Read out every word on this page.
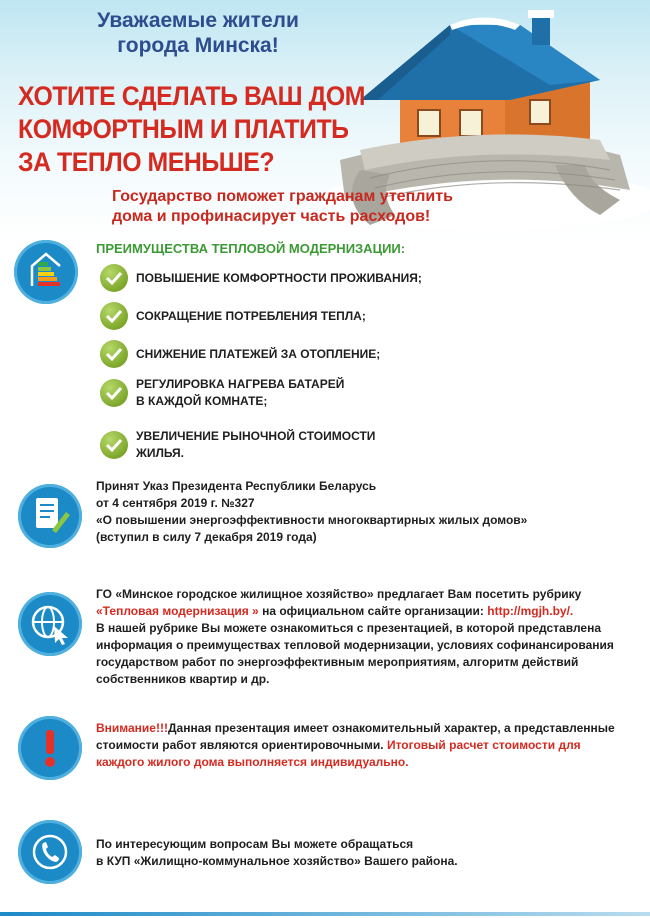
Уважаемые жители
города Минска!
ХОТИТЕ СДЕЛАТЬ ВАШ ДОМ
КОМФОРТНЫМ И ПЛАТИТЬ
ЗА ТЕПЛО МЕНЬШЕ?
Государство поможет гражданам утеплить
дома и профинасирует часть расходов!
ПРЕИМУЩЕСТВА ТЕПЛОВОЙ МОДЕРНИЗАЦИИ:
ПОВЫШЕНИЕ КОМФОРТНОСТИ ПРОЖИВАНИЯ;
СОКРАЩЕНИЕ ПОТРЕБЛЕНИЯ ТЕПЛА;
СНИЖЕНИЕ ПЛАТЕЖЕЙ ЗА ОТОПЛЕНИЕ;
РЕГУЛИРОВКА НАГРЕВА БАТАРЕЙ
В КАЖДОЙ КОМНАТЕ;
УВЕЛИЧЕНИЕ РЫНОЧНОЙ СТОИМОСТИ
ЖИЛЬЯ.
Принят Указ Президента Республики Беларусь
от 4 сентября 2019 г. №327
«О повышении энергоэффективности многоквартирных жилых домов»
(вступил в силу 7 декабря 2019 года)
ГО «Минское городское жилищное хозяйство» предлагает Вам посетить рубрику
«Тепловая модернизация » на официальном сайте организации: http://mgjh.by/.
В нашей рубрике Вы можете ознакомиться с презентацией, в которой представлена
информация о преимуществах тепловой модернизации, условиях софинансирования
государством работ по энергоэффективным мероприятиям, алгоритм действий
собственников квартир и др.
Внимание!!!Данная презентация имеет ознакомительный характер, а представленные
стоимости работ являются ориентировочными. Итоговый расчет стоимости для
каждого жилого дома выполняется индивидуально.
По интересующим вопросам Вы можете обращаться
в КУП «Жилищно-коммунальное хозяйство» Вашего района.
